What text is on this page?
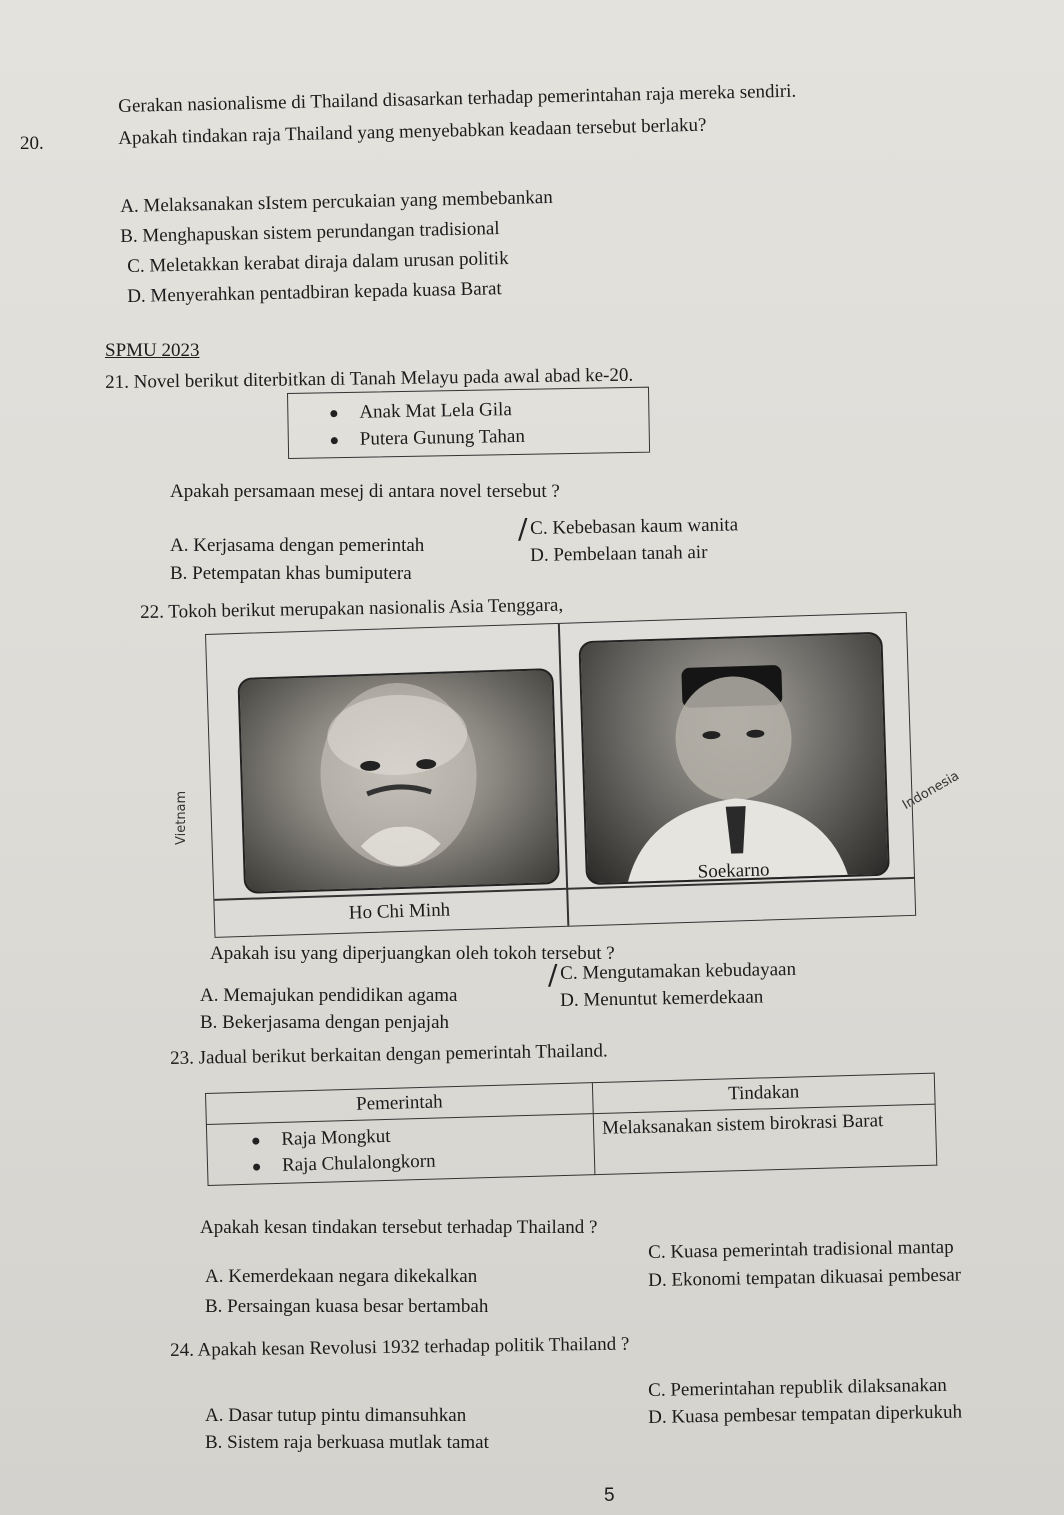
20.
Gerakan nasionalisme di Thailand disasarkan terhadap pemerintahan raja mereka sendiri.
Apakah tindakan raja Thailand yang menyebabkan keadaan tersebut berlaku?
A. Melaksanakan sIstem percukaian yang membebankan
B. Menghapuskan sistem perundangan tradisional
C. Meletakkan kerabat diraja dalam urusan politik
D. Menyerahkan pentadbiran kepada kuasa Barat
SPMU 2023
21. Novel berikut diterbitkan di Tanah Melayu pada awal abad ke-20.
Anak Mat Lela Gila
Putera Gunung Tahan
Apakah persamaan mesej di antara novel tersebut ?
A. Kerjasama dengan pemerintah
B. Petempatan khas bumiputera
C. Kebebasan kaum wanita
D. Pembelaan tanah air
/
22. Tokoh berikut merupakan nasionalis Asia Tenggara,
Ho Chi Minh
Soekarno
Vietnam
Indonesia
Apakah isu yang diperjuangkan oleh tokoh tersebut ?
A. Memajukan pendidikan agama
B. Bekerjasama dengan penjajah
C. Mengutamakan kebudayaan
D. Menuntut kemerdekaan
/
23. Jadual berikut berkaitan dengan pemerintah Thailand.
Pemerintah	Tindakan

Raja Mongkut
Raja Chulalongkorn	Melaksanakan sistem birokrasi Barat
Apakah kesan tindakan tersebut terhadap Thailand ?
A. Kemerdekaan negara dikekalkan
B. Persaingan kuasa besar bertambah
C. Kuasa pemerintah tradisional mantap
D. Ekonomi tempatan dikuasai pembesar
24. Apakah kesan Revolusi 1932 terhadap politik Thailand ?
A. Dasar tutup pintu dimansuhkan
B. Sistem raja berkuasa mutlak tamat
C. Pemerintahan republik dilaksanakan
D. Kuasa pembesar tempatan diperkukuh
5
